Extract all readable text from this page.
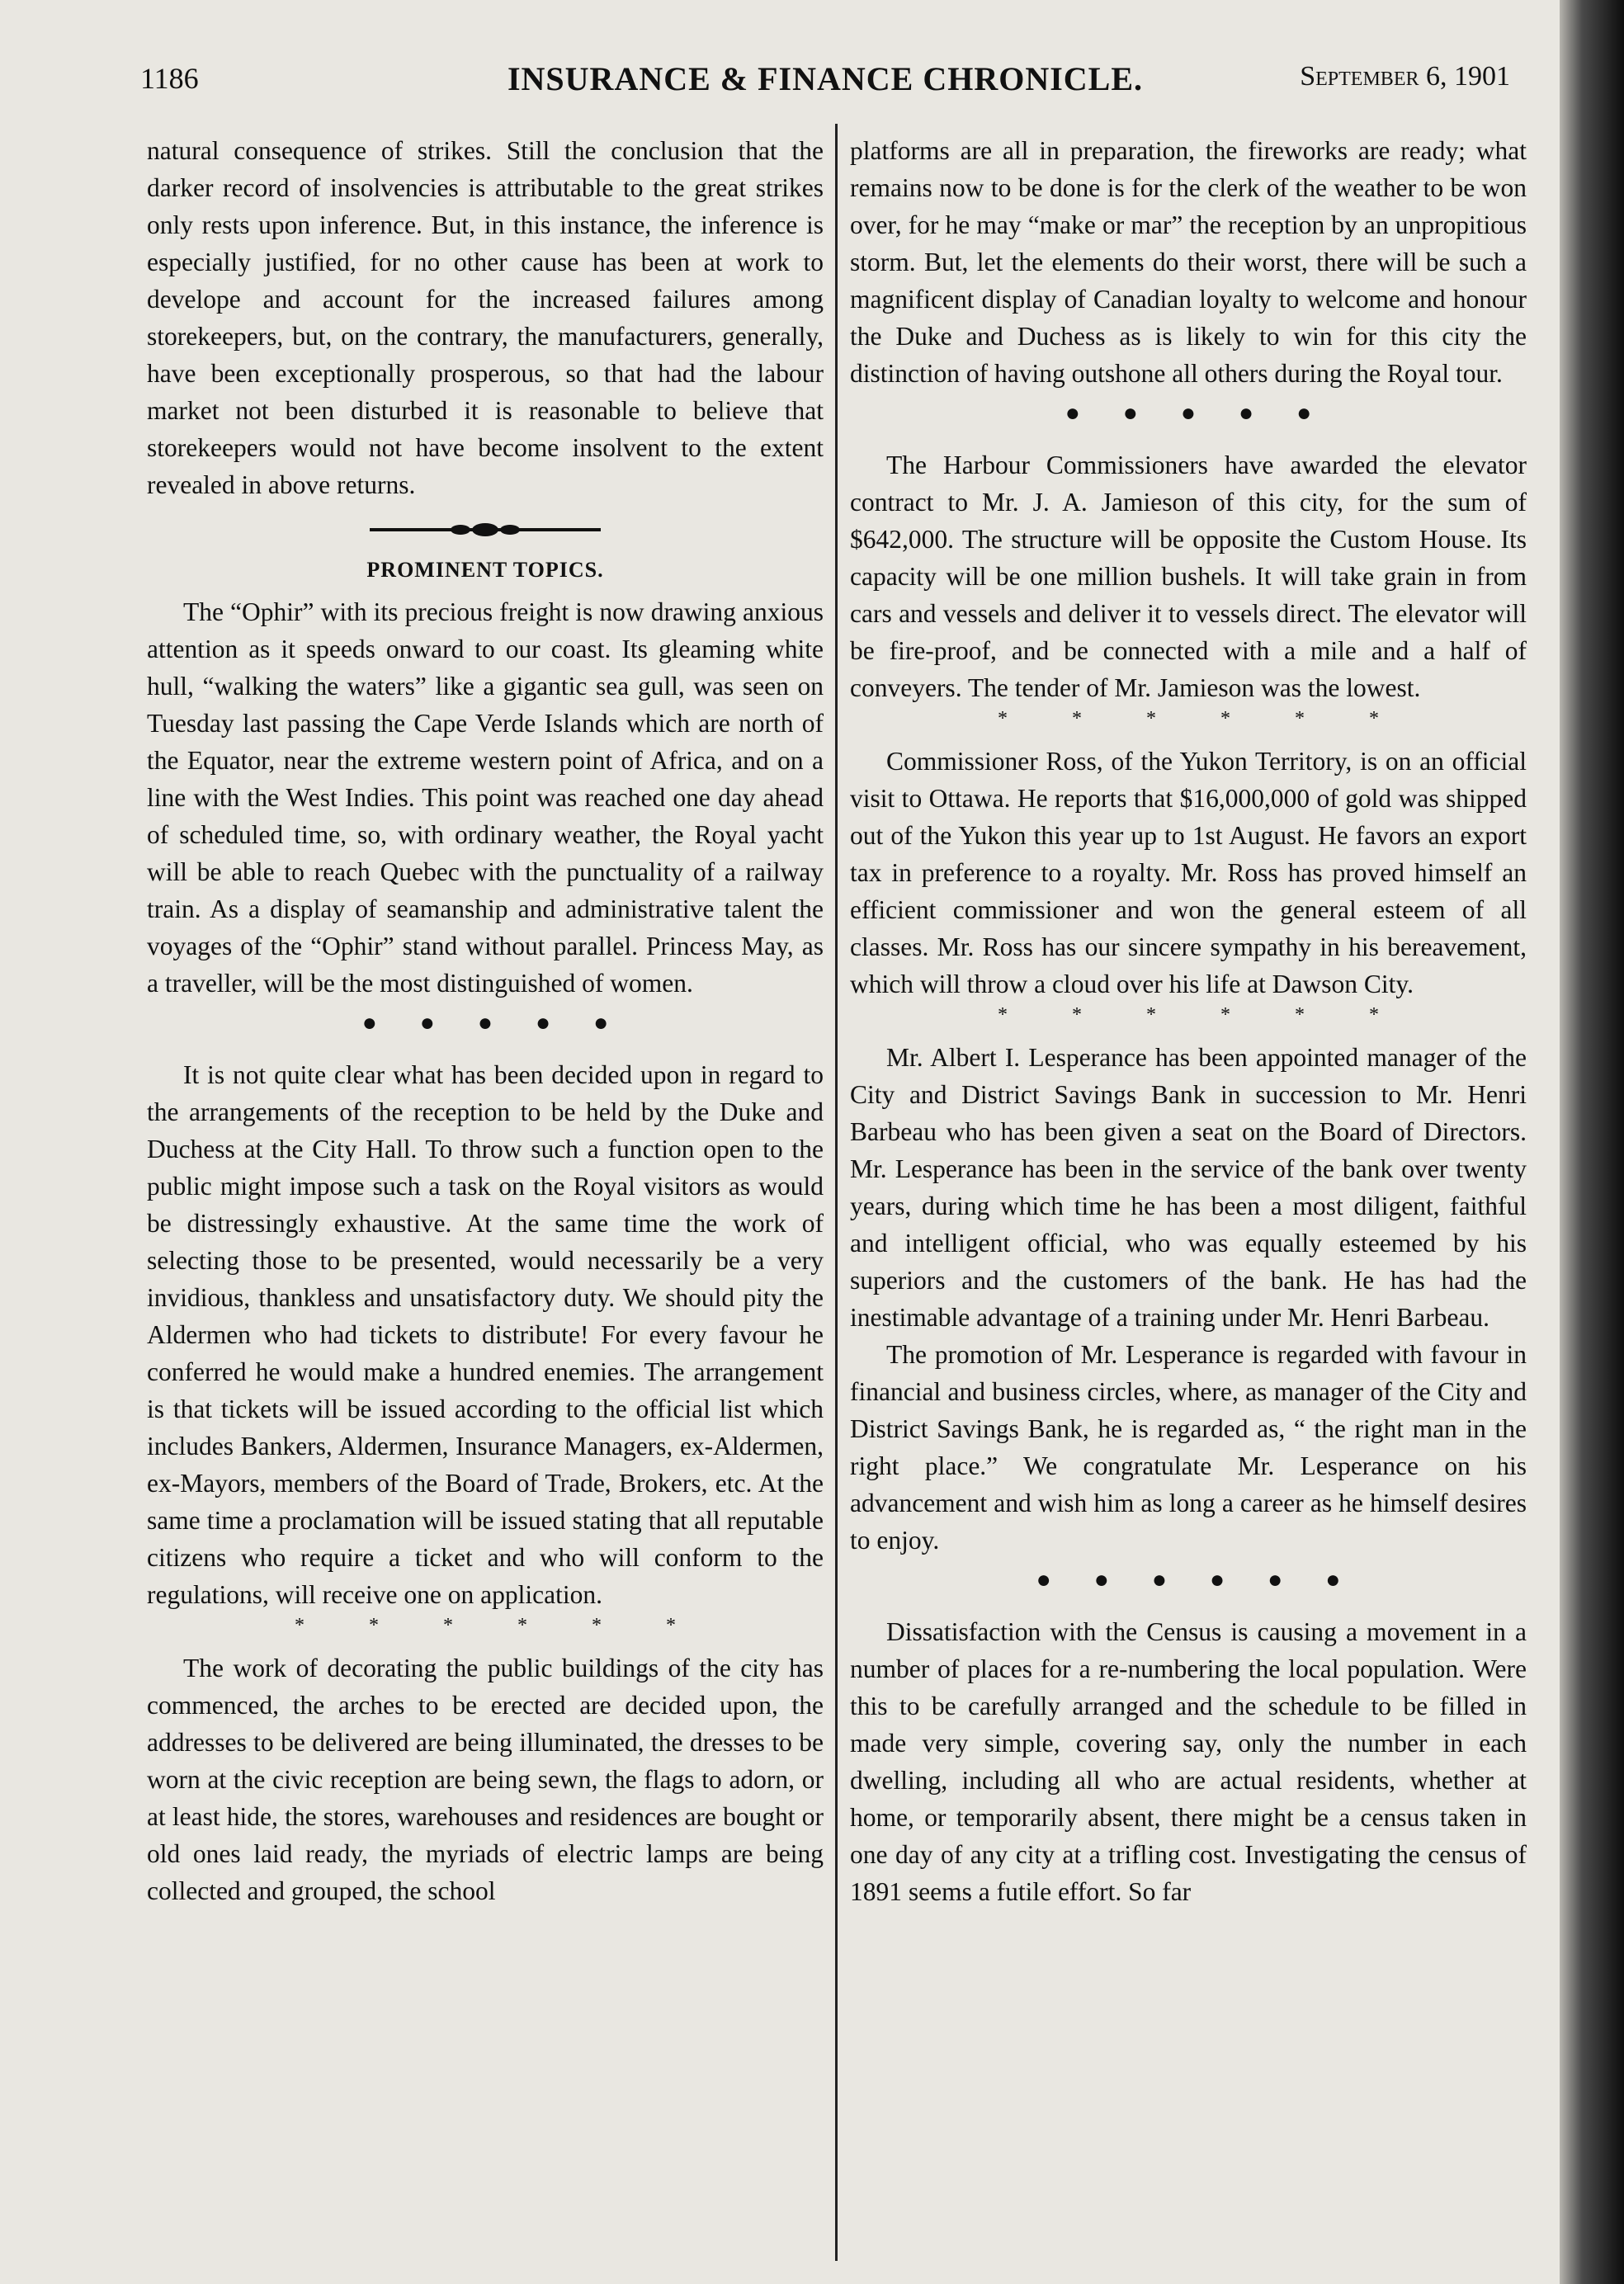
1186	INSURANCE & FINANCE CHRONICLE.	September 6, 1901

natural consequence of strikes. Still the conclusion that the darker record of insolvencies is attributable to the great strikes only rests upon inference. But, in this instance, the inference is especially justified, for no other cause has been at work to develope and account for the increased failures among storekeepers, but, on the contrary, the manufacturers, generally, have been exceptionally prosperous, so that had the labour market not been disturbed it is reasonable to believe that storekeepers would not have become insolvent to the extent revealed in above returns.

PROMINENT TOPICS.

The “Ophir” with its precious freight is now drawing anxious attention as it speeds onward to our coast. Its gleaming white hull, “walking the waters” like a gigantic sea gull, was seen on Tuesday last passing the Cape Verde Islands which are north of the Equator, near the extreme western point of Africa, and on a line with the West Indies. This point was reached one day ahead of scheduled time, so, with ordinary weather, the Royal yacht will be able to reach Quebec with the punctuality of a railway train. As a display of seamanship and administrative talent the voyages of the “Ophir” stand without parallel. Princess May, as a traveller, will be the most distinguished of women.

●●●●●

It is not quite clear what has been decided upon in regard to the arrangements of the reception to be held by the Duke and Duchess at the City Hall. To throw such a function open to the public might impose such a task on the Royal visitors as would be distressingly exhaustive. At the same time the work of selecting those to be presented, would necessarily be a very invidious, thankless and unsatisfactory duty. We should pity the Aldermen who had tickets to distribute! For every favour he conferred he would make a hundred enemies. The arrangement is that tickets will be issued according to the official list which includes Bankers, Aldermen, Insurance Managers, ex-Aldermen, ex-Mayors, members of the Board of Trade, Brokers, etc. At the same time a proclamation will be issued stating that all reputable citizens who require a ticket and who will conform to the regulations, will receive one on application.

* * * * * *

The work of decorating the public buildings of the city has commenced, the arches to be erected are decided upon, the addresses to be delivered are being illuminated, the dresses to be worn at the civic reception are being sewn, the flags to adorn, or at least hide, the stores, warehouses and residences are bought or old ones laid ready, the myriads of electric lamps are being collected and grouped, the school

platforms are all in preparation, the fireworks are ready; what remains now to be done is for the clerk of the weather to be won over, for he may “make or mar” the reception by an unpropitious storm. But, let the elements do their worst, there will be such a magnificent display of Canadian loyalty to welcome and honour the Duke and Duchess as is likely to win for this city the distinction of having outshone all others during the Royal tour.

●●●●●

The Harbour Commissioners have awarded the elevator contract to Mr. J. A. Jamieson of this city, for the sum of $642,000. The structure will be opposite the Custom House. Its capacity will be one million bushels. It will take grain in from cars and vessels and deliver it to vessels direct. The elevator will be fire-proof, and be connected with a mile and a half of conveyers. The tender of Mr. Jamieson was the lowest.

* * * * * *

Commissioner Ross, of the Yukon Territory, is on an official visit to Ottawa. He reports that $16,000,000 of gold was shipped out of the Yukon this year up to 1st August. He favors an export tax in preference to a royalty. Mr. Ross has proved himself an efficient commissioner and won the general esteem of all classes. Mr. Ross has our sincere sympathy in his bereavement, which will throw a cloud over his life at Dawson City.

* * * * * *

Mr. Albert I. Lesperance has been appointed manager of the City and District Savings Bank in succession to Mr. Henri Barbeau who has been given a seat on the Board of Directors. Mr. Lesperance has been in the service of the bank over twenty years, during which time he has been a most diligent, faithful and intelligent official, who was equally esteemed by his superiors and the customers of the bank. He has had the inestimable advantage of a training under Mr. Henri Barbeau.

The promotion of Mr. Lesperance is regarded with favour in financial and business circles, where, as manager of the City and District Savings Bank, he is regarded as, “ the right man in the right place.” We congratulate Mr. Lesperance on his advancement and wish him as long a career as he himself desires to enjoy.

●●●●●●

Dissatisfaction with the Census is causing a movement in a number of places for a re-numbering the local population. Were this to be carefully arranged and the schedule to be filled in made very simple, covering say, only the number in each dwelling, including all who are actual residents, whether at home, or temporarily absent, there might be a census taken in one day of any city at a trifling cost. Investigating the census of 1891 seems a futile effort. So far
